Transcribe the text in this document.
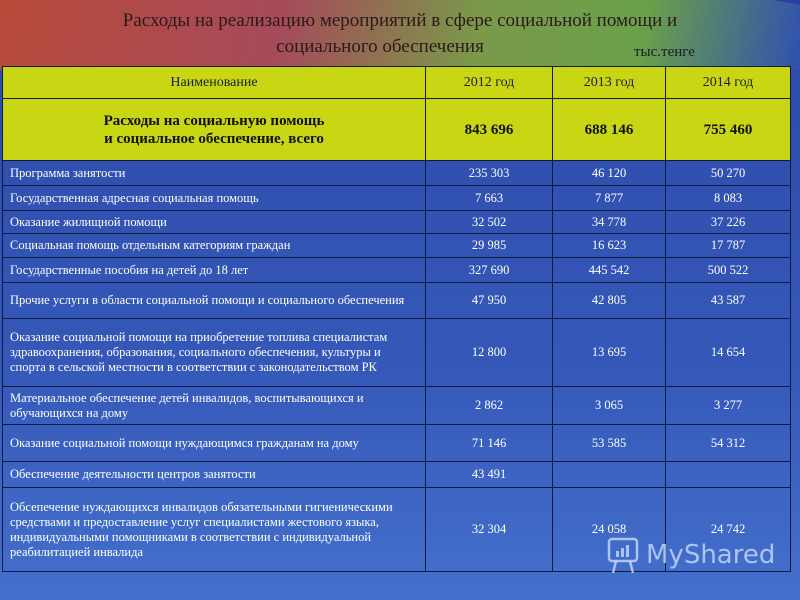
Расходы на реализацию мероприятий в сфере социальной помощи и
социального обеспечения	тыс.тенге
Наименование	2012 год	2013 год	2014 год
Расходы на социальную помощь
и социальное обеспечение, всего	843 696	688 146	755 460
Программа занятости	235 303	46 120	50 270
Государственная адресная социальная помощь	7 663	7 877	8 083
Оказание жилищной помощи	32 502	34 778	37 226
Социальная помощь отдельным категориям граждан	29 985	16 623	17 787
Государственные пособия на детей до 18 лет	327 690	445 542	500 522
Прочие услуги в области социальной помощи и социального обеспечения	47 950	42 805	43 587
Оказание социальной помощи на приобретение топлива специалистам здравоохранения, образования, социального обеспечения, культуры и спорта в сельской местности в соответствии с законодательством РК	12 800	13 695	14 654
Материальное обеспечение детей инвалидов, воспитывающихся и обучающихся на дому	2 862	3 065	3 277
Оказание социальной помощи нуждающимся гражданам на дому	71 146	53 585	54 312
Обеспечение деятельности центров занятости	43 491		
Обсепечение нуждающихся инвалидов обязательными гигиеническими средствами и предоставление услуг специалистами жестового языка, индивидуальными помощниками в соответствии с индивидуальной реабилитацией инвалида	32 304	24 058	24 742
MyShared
